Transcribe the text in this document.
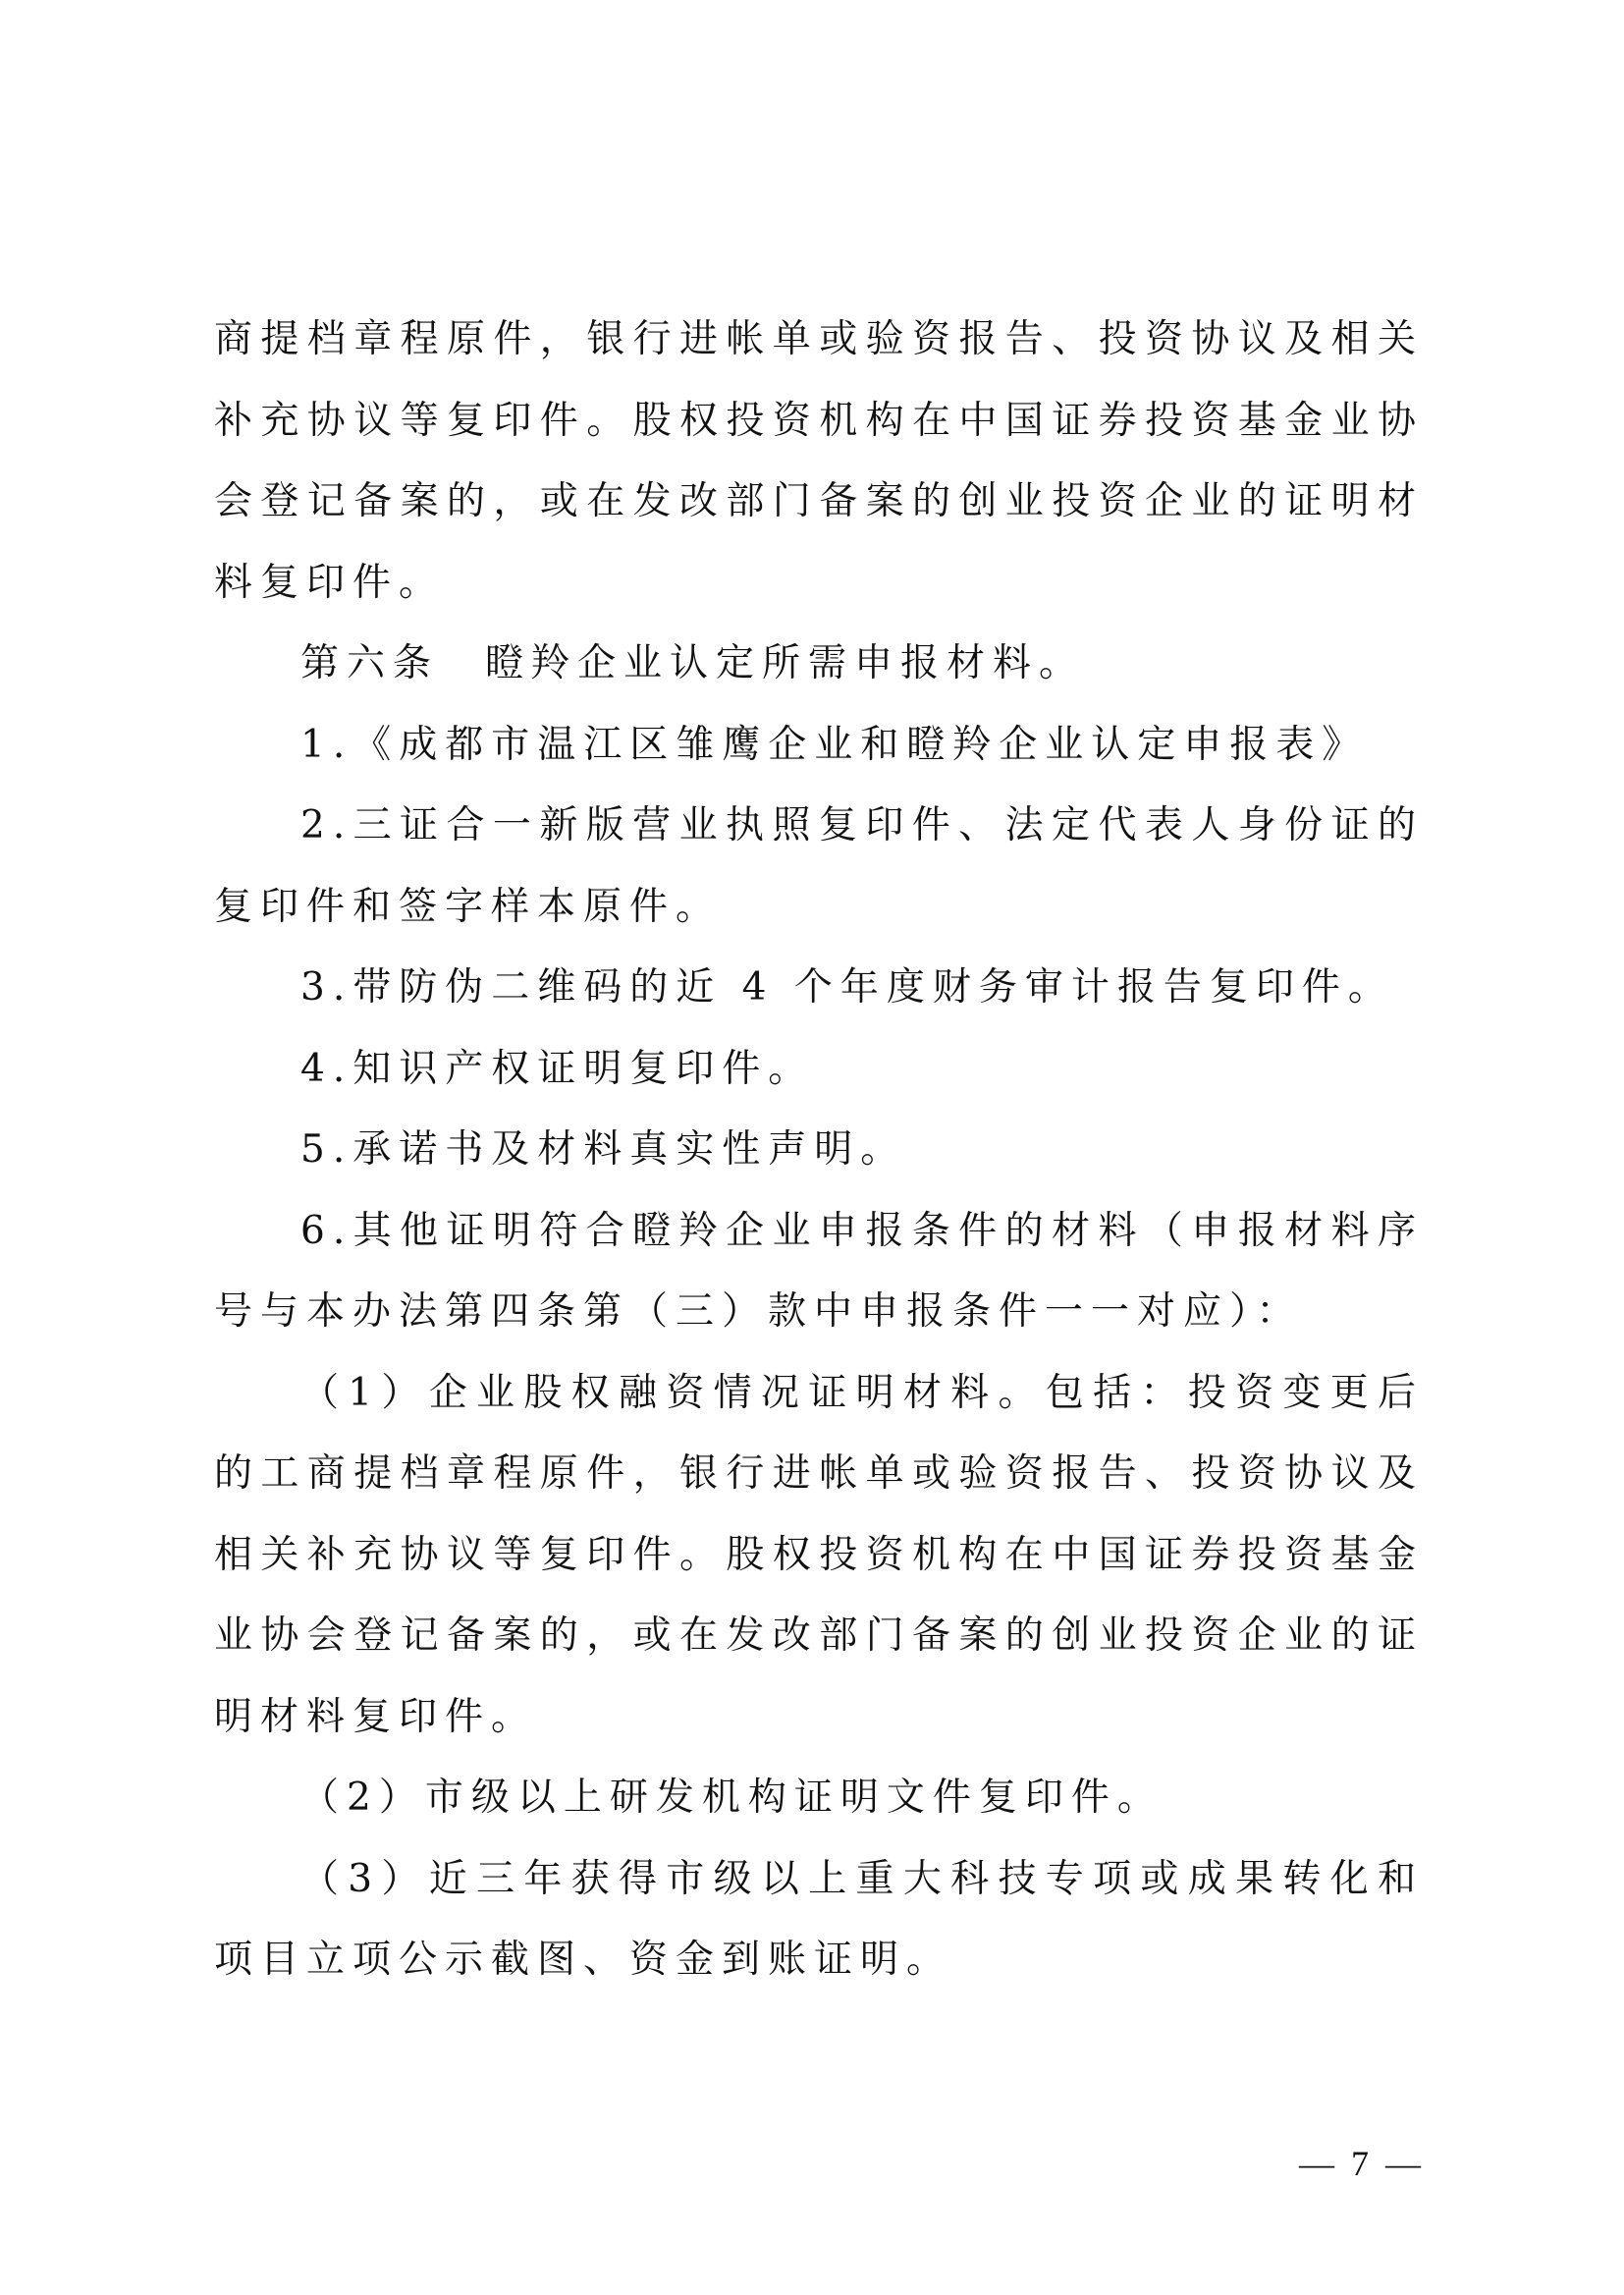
商提档章程原件，银行进帐单或验资报告、投资协议及相关补充协议等复印件。股权投资机构在中国证券投资基金业协会登记备案的，或在发改部门备案的创业投资企业的证明材料复印件。

第六条　瞪羚企业认定所需申报材料。

1.《成都市温江区雏鹰企业和瞪羚企业认定申报表》

2.三证合一新版营业执照复印件、法定代表人身份证的复印件和签字样本原件。

3.带防伪二维码的近 4 个年度财务审计报告复印件。

4.知识产权证明复印件。

5.承诺书及材料真实性声明。

6.其他证明符合瞪羚企业申报条件的材料（申报材料序号与本办法第四条第（三）款中申报条件一一对应）：

（1）企业股权融资情况证明材料。包括：投资变更后的工商提档章程原件，银行进帐单或验资报告、投资协议及相关补充协议等复印件。股权投资机构在中国证券投资基金业协会登记备案的，或在发改部门备案的创业投资企业的证明材料复印件。

（2）市级以上研发机构证明文件复印件。

（3）近三年获得市级以上重大科技专项或成果转化和项目立项公示截图、资金到账证明。

— 7 —
